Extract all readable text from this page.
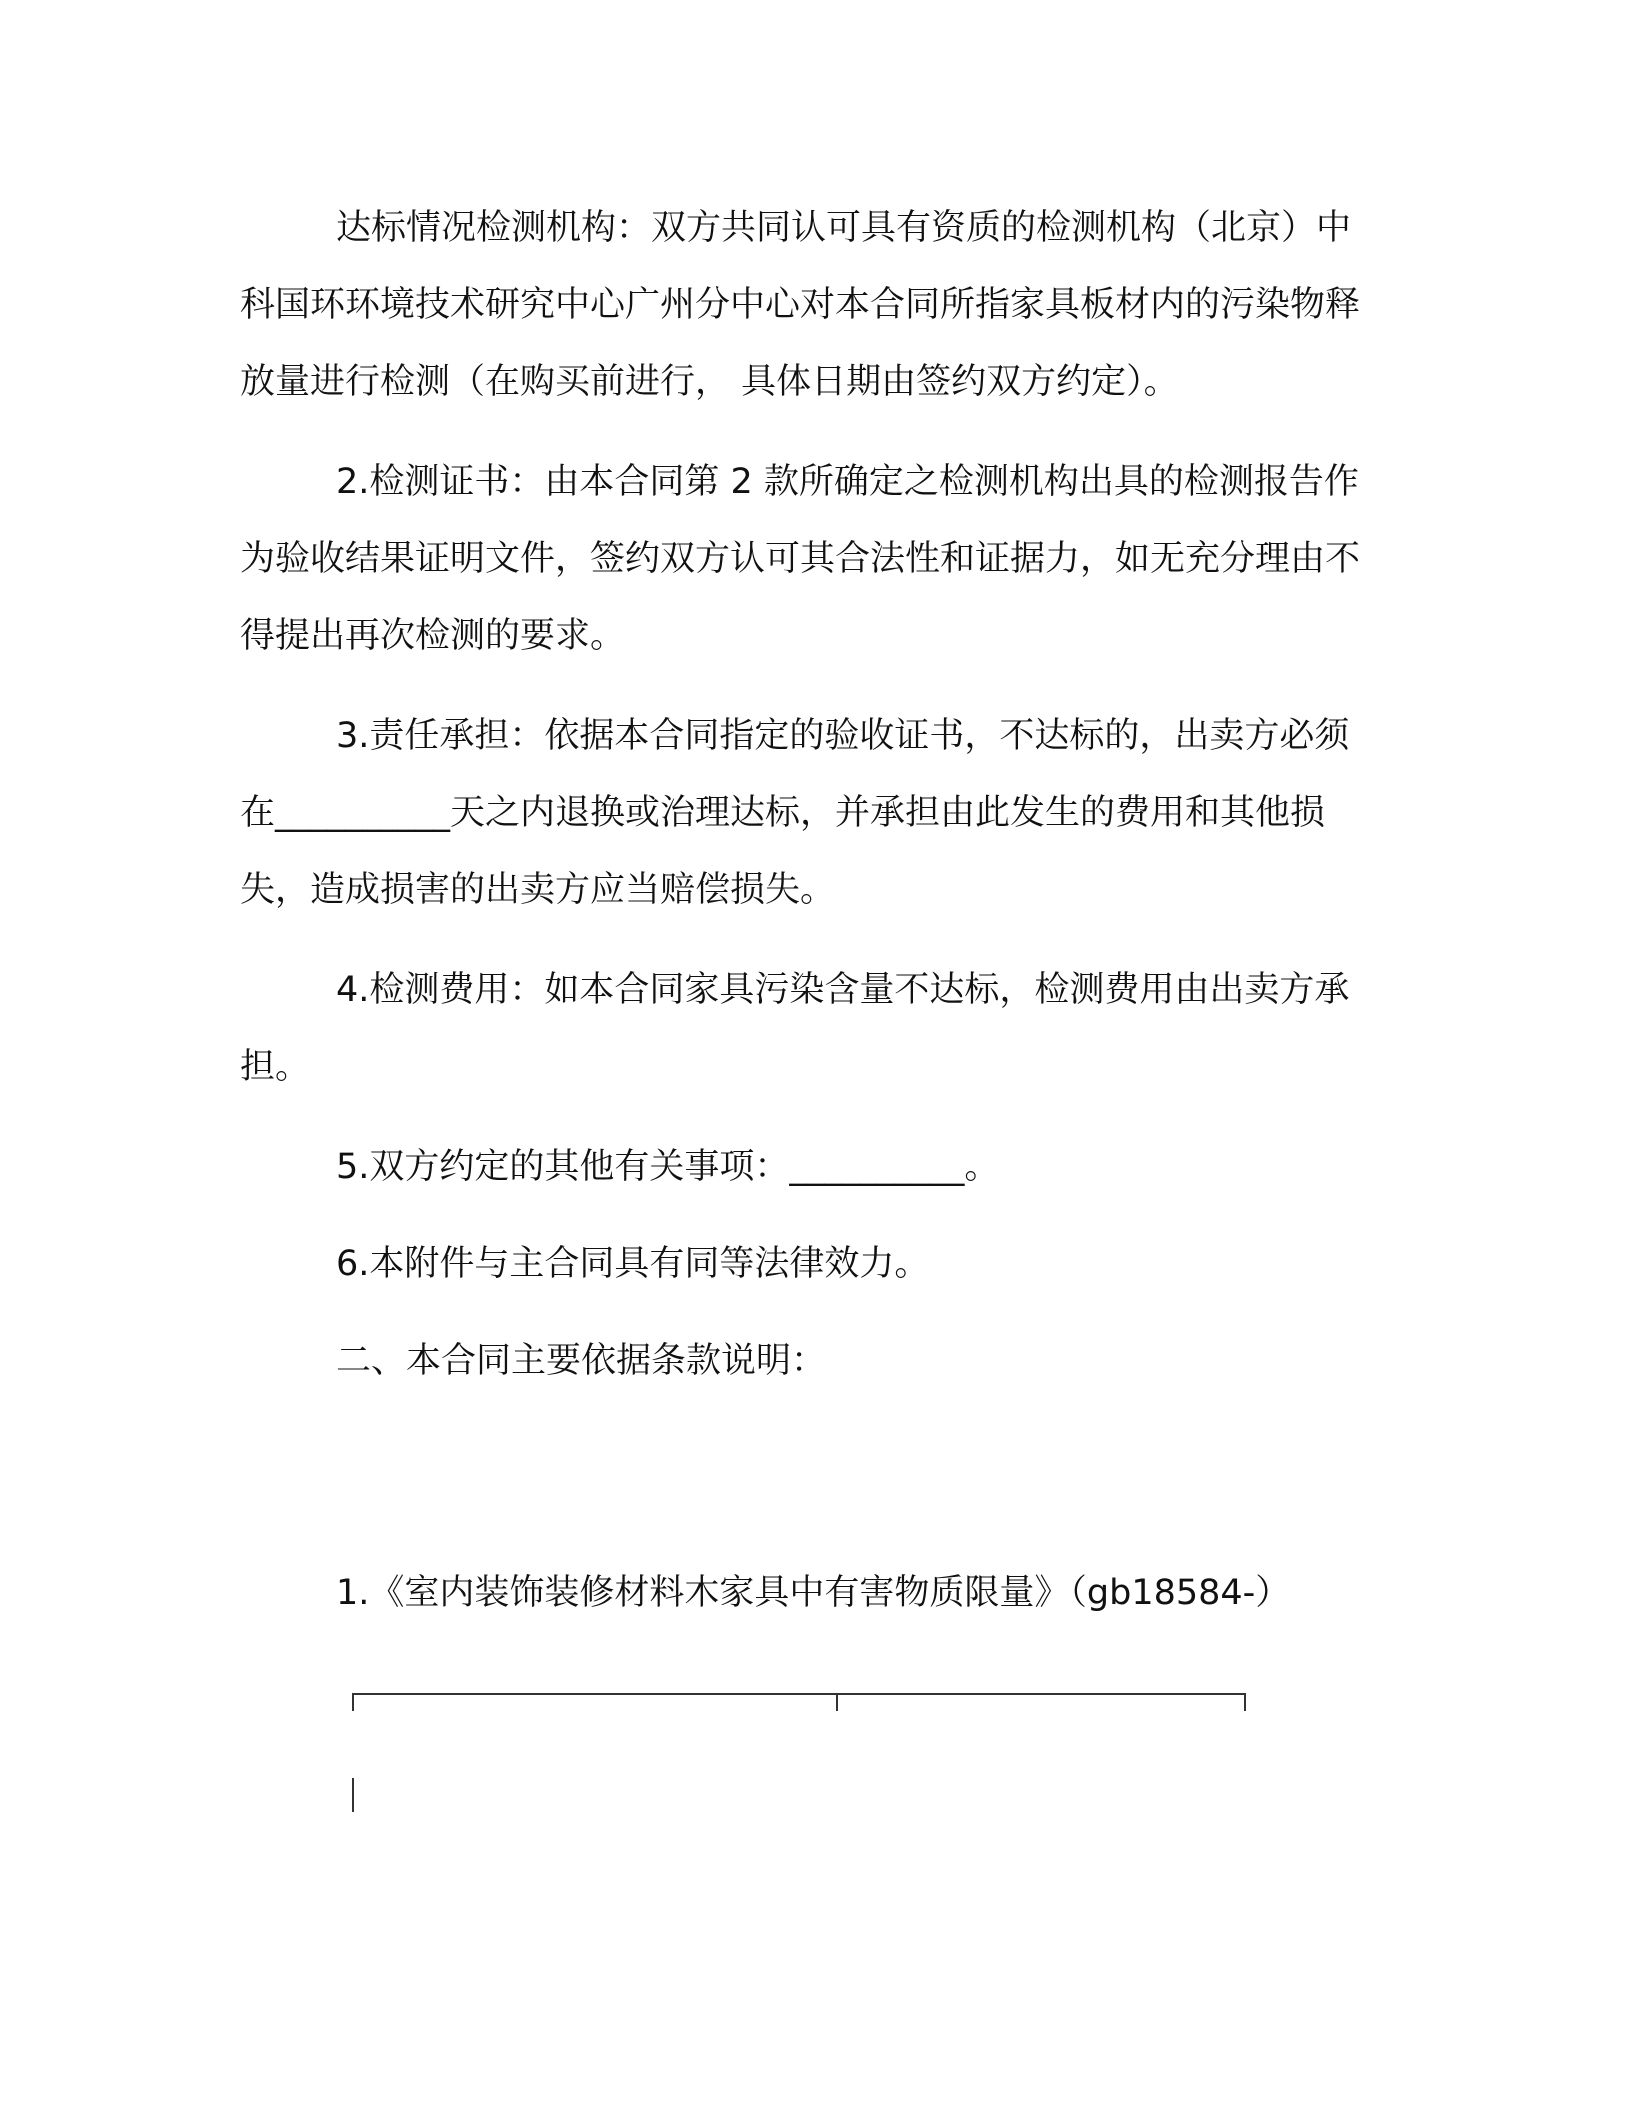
达标情况检测机构：双方共同认可具有资质的检测机构（北京）中科国环环境技术研究中心广州分中心对本合同所指家具板材内的污染物释放量进行检测（在购买前进行， 具体日期由签约双方约定）。

2.检测证书：由本合同第 2 款所确定之检测机构出具的检测报告作为验收结果证明文件，签约双方认可其合法性和证据力，如无充分理由不得提出再次检测的要求。

3.责任承担：依据本合同指定的验收证书，不达标的，出卖方必须在__________天之内退换或治理达标，并承担由此发生的费用和其他损失，造成损害的出卖方应当赔偿损失。

4.检测费用：如本合同家具污染含量不达标，检测费用由出卖方承担。

5.双方约定的其他有关事项：__________。

6.本附件与主合同具有同等法律效力。

二、本合同主要依据条款说明：

1.《室内装饰装修材料木家具中有害物质限量》（gb18584-）
